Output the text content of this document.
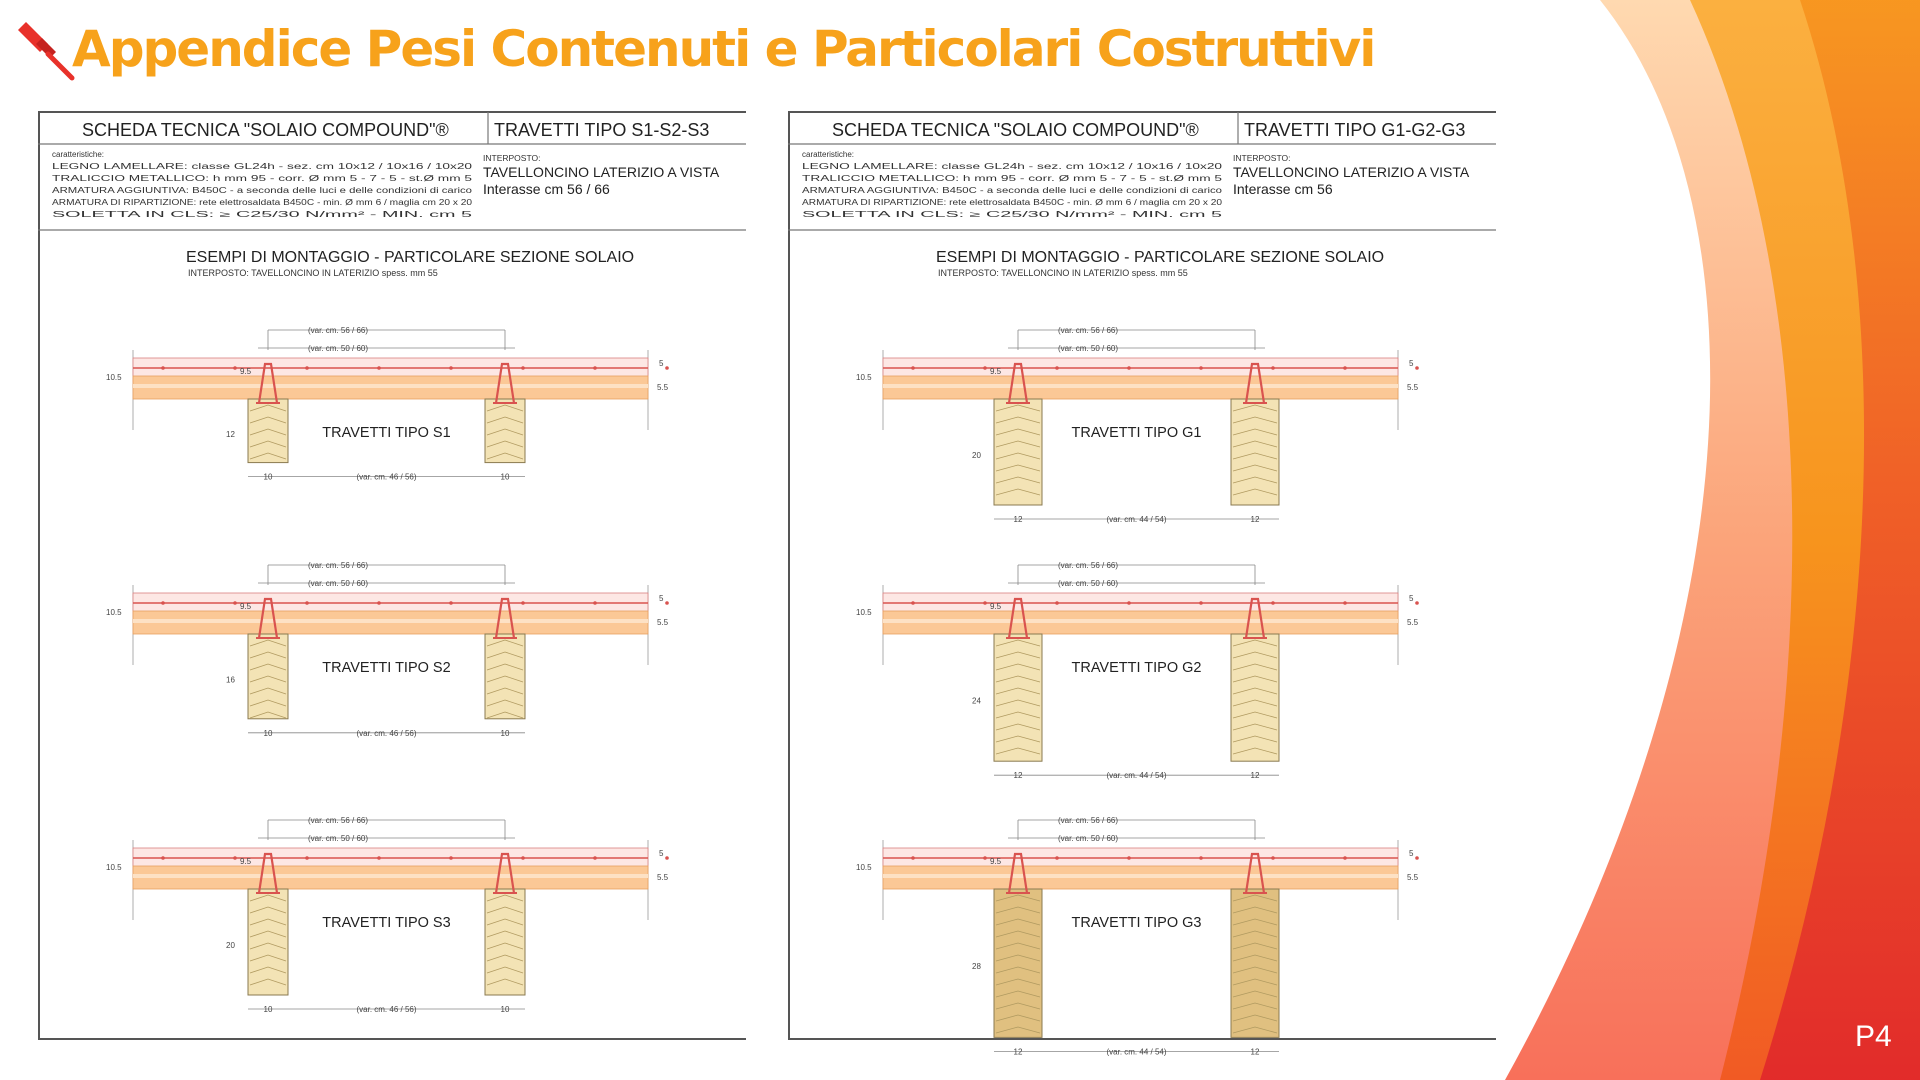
Appendice Pesi Contenuti e Particolari Costruttivi
P4
SCHEDA TECNICA "SOLAIO COMPOUND"®	TRAVETTI TIPO S1-S2-S3
caratteristiche:
LEGNO LAMELLARE: classe GL24h - sez. cm 10x12 / 10x16 / 10x20
TRALICCIO METALLICO: h mm 95 - corr. Ø mm 5 - 7 - 5 - st.Ø mm 5
ARMATURA AGGIUNTIVA: B450C - a seconda delle luci e delle condizioni di carico
ARMATURA DI RIPARTIZIONE: rete elettrosaldata B450C - min. Ø mm 6 / maglia cm 20 x 20
SOLETTA IN CLS: ≥ C25/30 N/mm² - MIN. cm 5
INTERPOSTO:
TAVELLONCINO LATERIZIO A VISTA
Interasse cm 56 / 66
ESEMPI DI MONTAGGIO - PARTICOLARE SEZIONE SOLAIO
INTERPOSTO: TAVELLONCINO IN LATERIZIO spess. mm 55
(var. cm. 56 / 66)
(var. cm. 50 / 60)
10	10
(var. cm. 46 / 56)
TRAVETTI TIPO S1
10.5
5
5.5
9.5
12
(var. cm. 56 / 66)
(var. cm. 50 / 60)
10	10
(var. cm. 46 / 56)
TRAVETTI TIPO S2
10.5
5
5.5
9.5
16
(var. cm. 56 / 66)
(var. cm. 50 / 60)
10	10
(var. cm. 46 / 56)
TRAVETTI TIPO S3
10.5
5
5.5
9.5
20
SCHEDA TECNICA "SOLAIO COMPOUND"®	TRAVETTI TIPO G1-G2-G3
caratteristiche:
LEGNO LAMELLARE: classe GL24h - sez. cm 10x12 / 10x16 / 10x20
TRALICCIO METALLICO: h mm 95 - corr. Ø mm 5 - 7 - 5 - st.Ø mm 5
ARMATURA AGGIUNTIVA: B450C - a seconda delle luci e delle condizioni di carico
ARMATURA DI RIPARTIZIONE: rete elettrosaldata B450C - min. Ø mm 6 / maglia cm 20 x 20
SOLETTA IN CLS: ≥ C25/30 N/mm² - MIN. cm 5
INTERPOSTO:
TAVELLONCINO LATERIZIO A VISTA
Interasse cm 56
ESEMPI DI MONTAGGIO - PARTICOLARE SEZIONE SOLAIO
INTERPOSTO: TAVELLONCINO IN LATERIZIO spess. mm 55
(var. cm. 56 / 66)
(var. cm. 50 / 60)
12	12
(var. cm. 44 / 54)
TRAVETTI TIPO G1
10.5
5
5.5
9.5
20
(var. cm. 56 / 66)
(var. cm. 50 / 60)
12	12
(var. cm. 44 / 54)
TRAVETTI TIPO G2
10.5
5
5.5
9.5
24
(var. cm. 56 / 66)
(var. cm. 50 / 60)
12	12
(var. cm. 44 / 54)
TRAVETTI TIPO G3
10.5
5
5.5
9.5
28
